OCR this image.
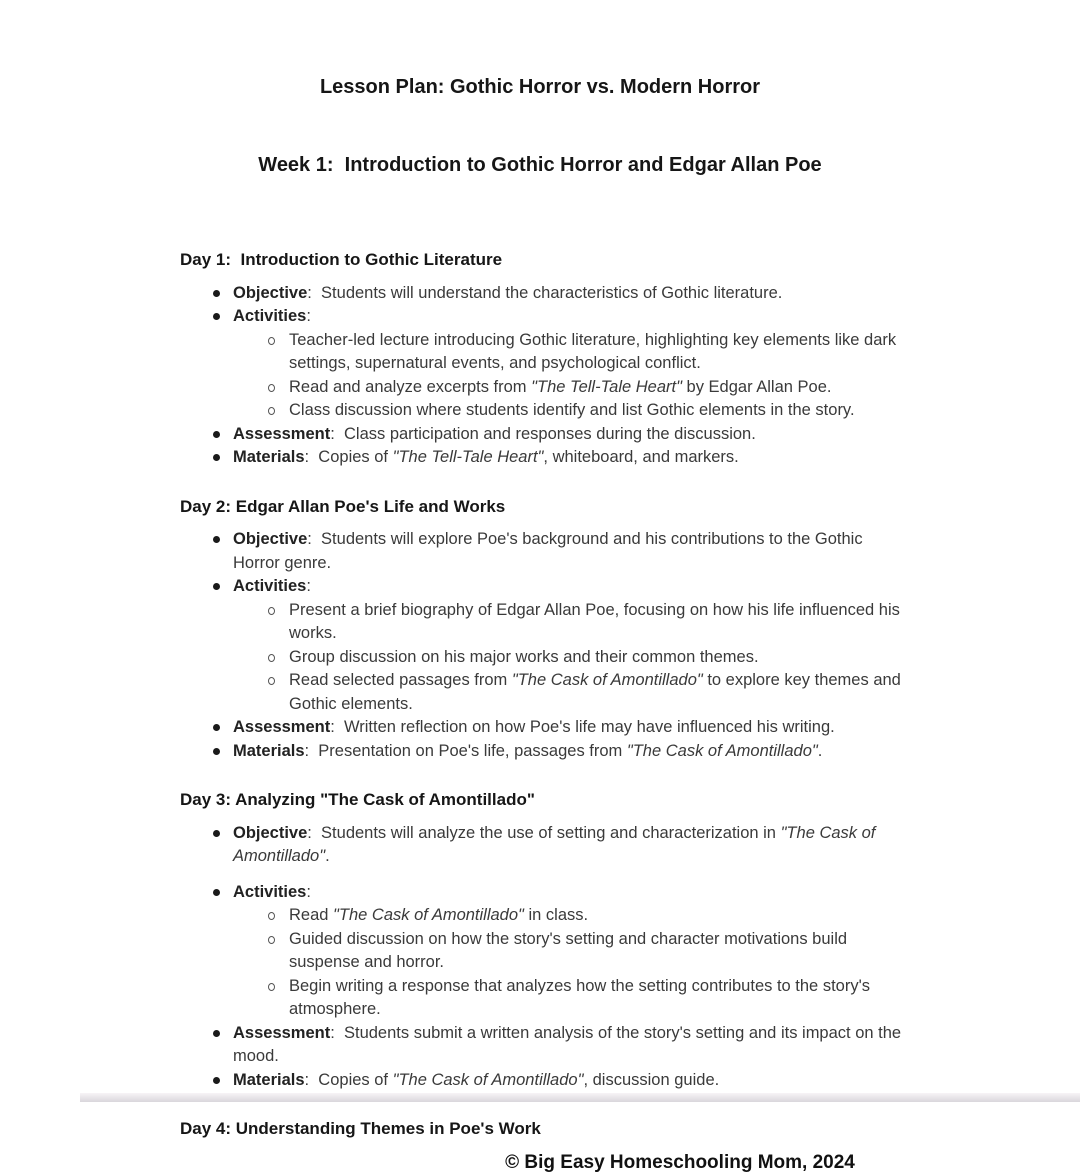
Lesson Plan: Gothic Horror vs. Modern Horror

Week 1:  Introduction to Gothic Horror and Edgar Allan Poe

Day 1:  Introduction to Gothic Literature
Objective:  Students will understand the characteristics of Gothic literature.
Activities:
Teacher-led lecture introducing Gothic literature, highlighting key elements like dark settings, supernatural events, and psychological conflict.
Read and analyze excerpts from "The Tell-Tale Heart" by Edgar Allan Poe.
Class discussion where students identify and list Gothic elements in the story.
Assessment:  Class participation and responses during the discussion.
Materials:  Copies of "The Tell-Tale Heart", whiteboard, and markers.
Day 2: Edgar Allan Poe's Life and Works
Objective:  Students will explore Poe's background and his contributions to the Gothic Horror genre.
Activities:
Present a brief biography of Edgar Allan Poe, focusing on how his life influenced his works.
Group discussion on his major works and their common themes.
Read selected passages from "The Cask of Amontillado" to explore key themes and Gothic elements.
Assessment:  Written reflection on how Poe's life may have influenced his writing.
Materials:  Presentation on Poe's life, passages from "The Cask of Amontillado".
Day 3: Analyzing "The Cask of Amontillado"
Objective:  Students will analyze the use of setting and characterization in "The Cask of Amontillado".
Activities:
Read "The Cask of Amontillado" in class.
Guided discussion on how the story's setting and character motivations build suspense and horror.
Begin writing a response that analyzes how the setting contributes to the story's atmosphere.
Assessment:  Students submit a written analysis of the story's setting and its impact on the mood.
Materials:  Copies of "The Cask of Amontillado", discussion guide.
Day 4: Understanding Themes in Poe's Work
© Big Easy Homeschooling Mom, 2024
